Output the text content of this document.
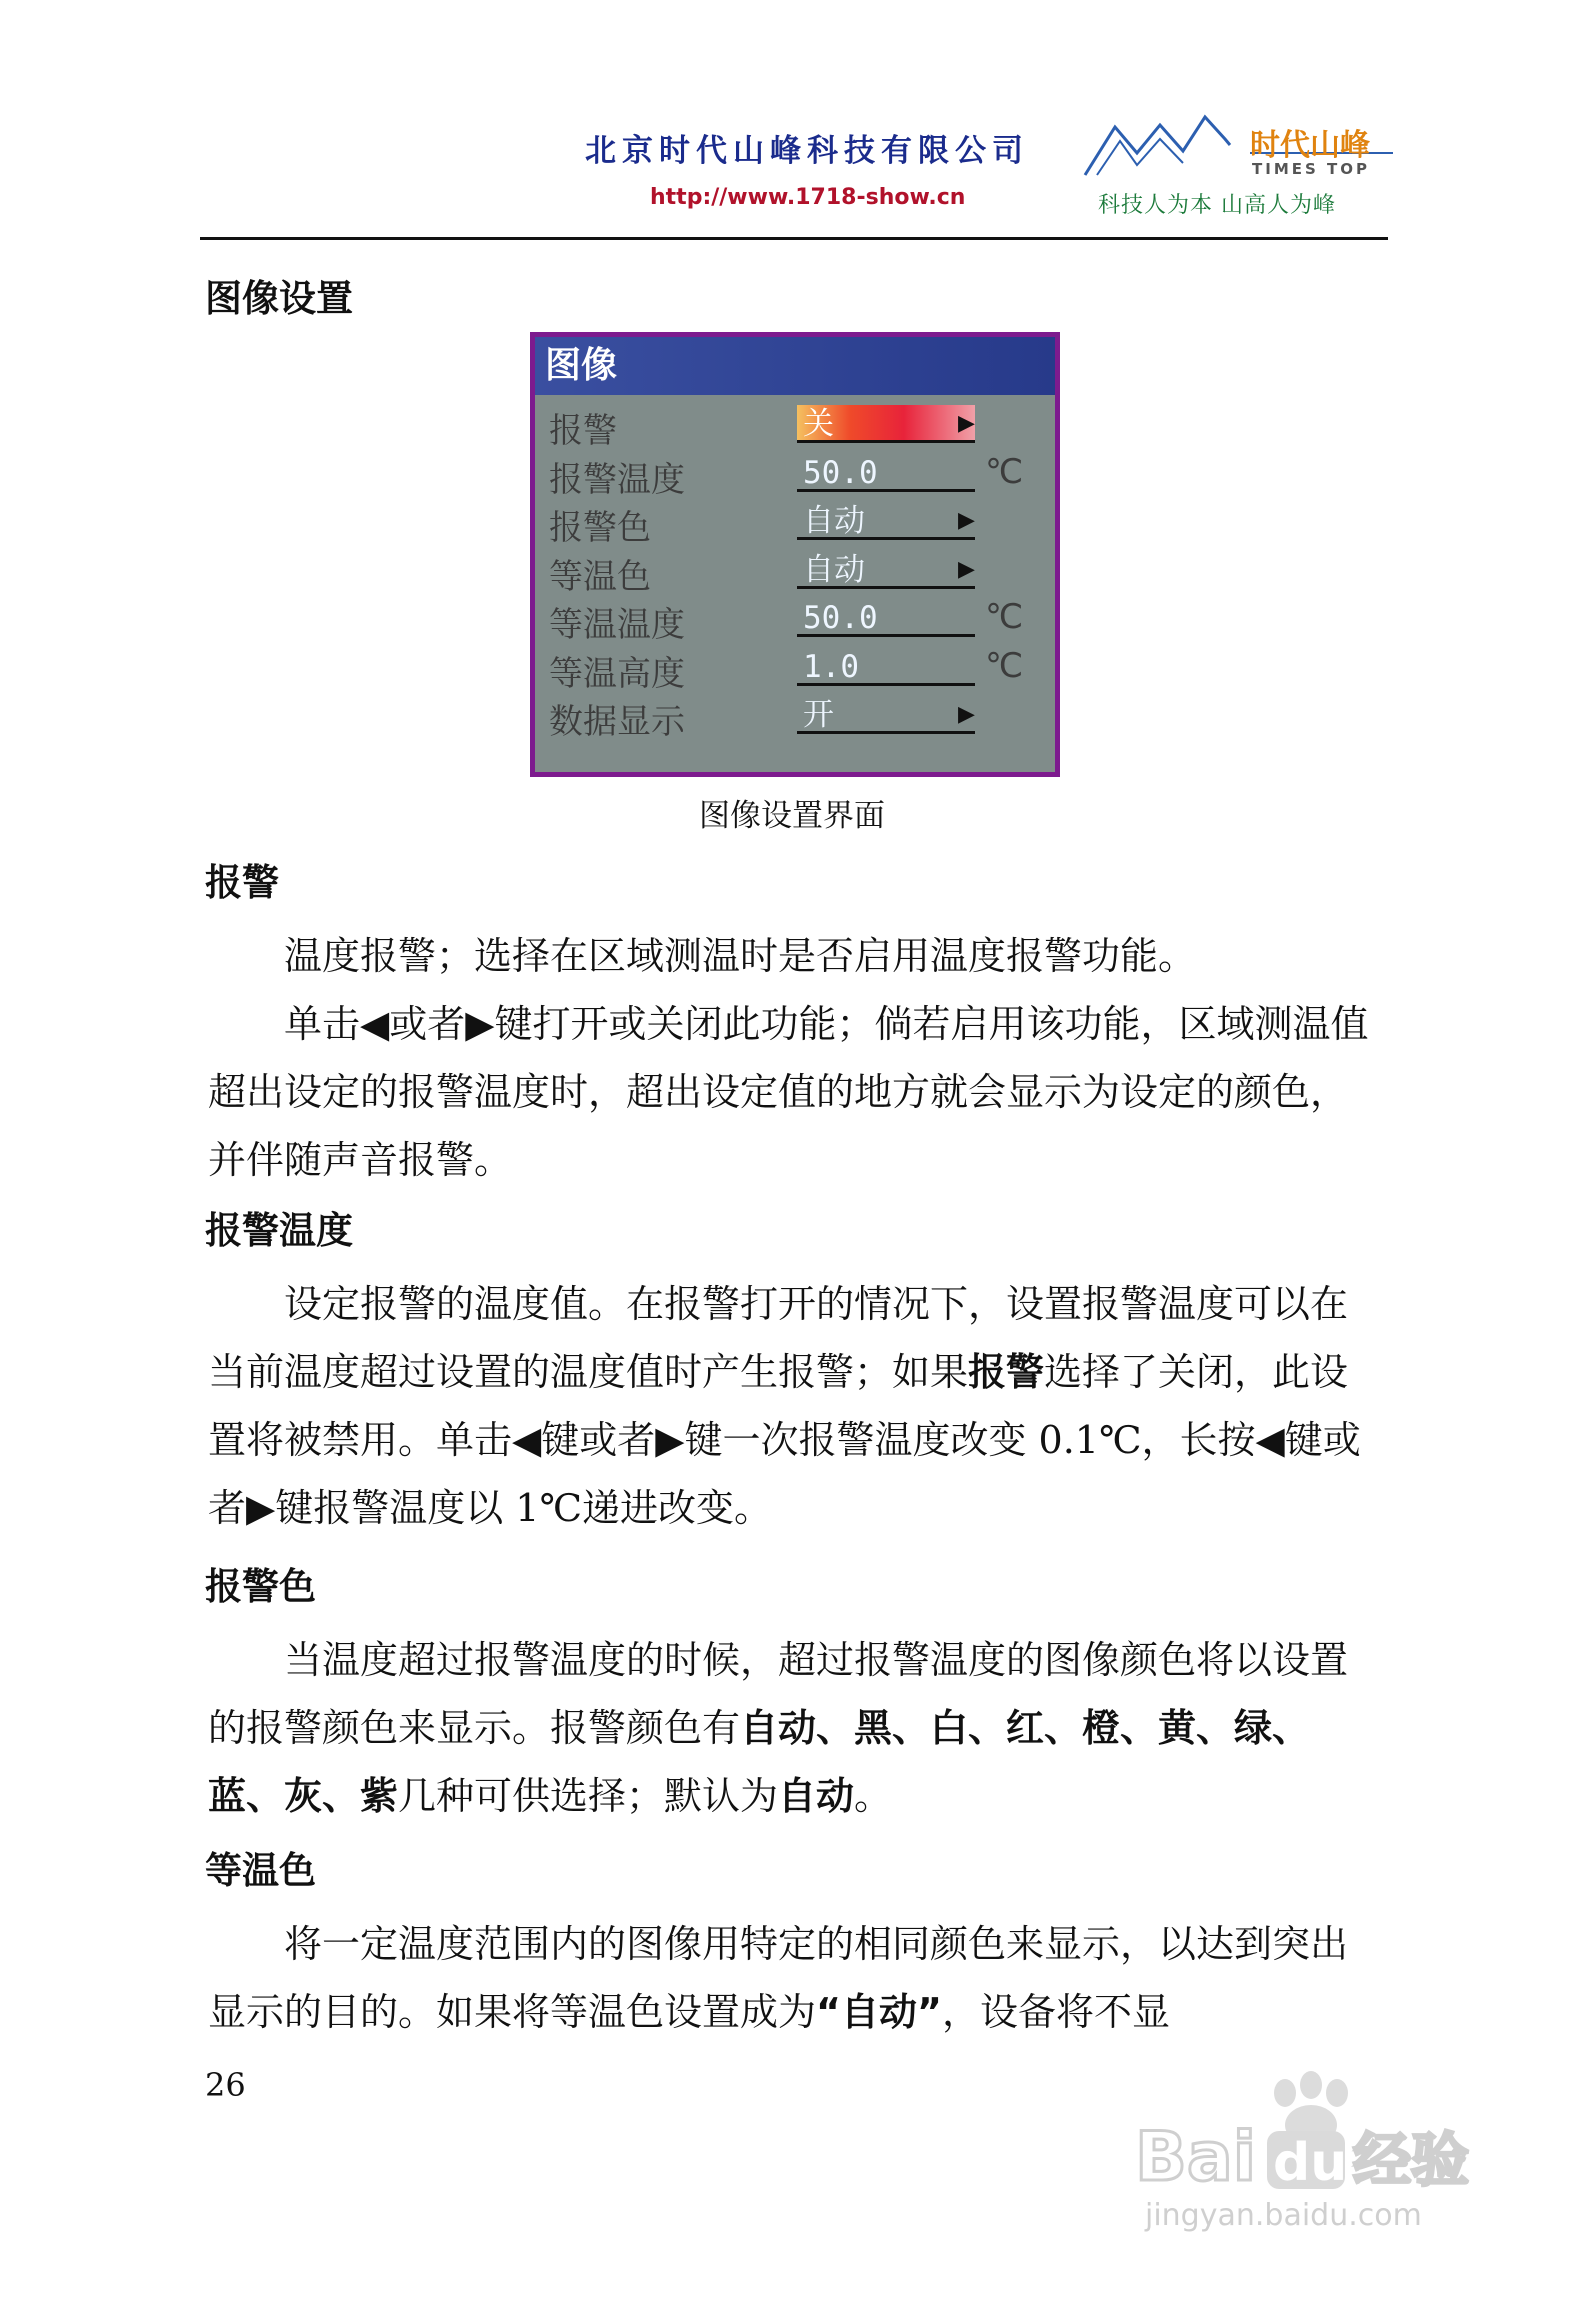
北京时代山峰科技有限公司
http://www.1718-show.cn
时代山峰
TIMES TOP
科技人为本 山高人为峰
图像设置
图像
报警	关	▶
报警温度	50.0	℃
报警色	自动	▶
等温色	自动	▶
等温温度	50.0	℃
等温高度	1.0	℃
数据显示	开	▶
图像设置界面
报警

温度报警；选择在区域测温时是否启用温度报警功能。

单击◀或者▶键打开或关闭此功能；倘若启用该功能，区域测温值超出设定的报警温度时，超出设定值的地方就会显示为设定的颜色，并伴随声音报警。

报警温度

设定报警的温度值。在报警打开的情况下，设置报警温度可以在当前温度超过设置的温度值时产生报警；如果报警选择了关闭，此设置将被禁用。单击◀键或者▶键一次报警温度改变 0.1℃，长按◀键或者▶键报警温度以 1℃递进改变。

报警色

当温度超过报警温度的时候，超过报警温度的图像颜色将以设置的报警颜色来显示。报警颜色有自动、黑、白、红、橙、黄、绿、蓝、灰、紫几种可供选择；默认为自动。

等温色

将一定温度范围内的图像用特定的相同颜色来显示，以达到突出显示的目的。如果将等温色设置成为“自动”，设备将不显

26
Bai du 经验
jingyan.baidu.com
